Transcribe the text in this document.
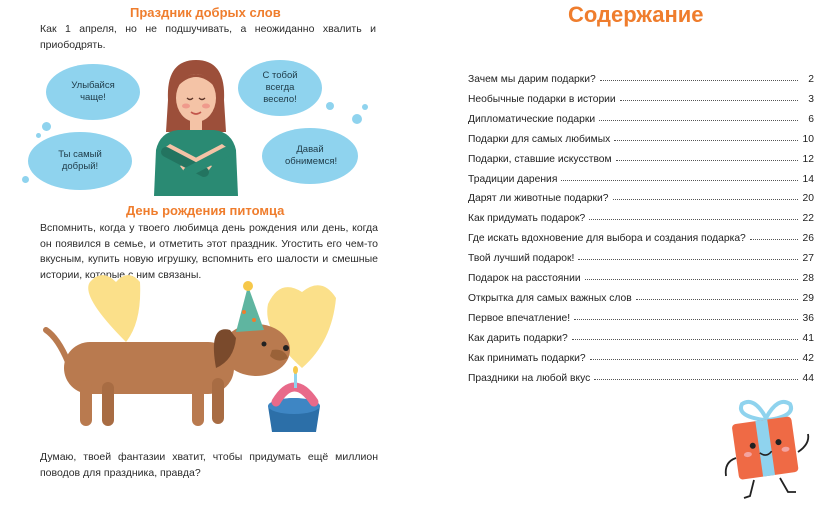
Праздник добрых слов
Как 1 апреля, но не подшучивать, а неожиданно хвалить и приободрять.
Улыбайся чаще!
С тобой всегда весело!
Ты самый добрый!
Давай обнимемся!
День рождения питомца
Вспомнить, когда у твоего любимца день рождения или день, когда он появился в семье, и отметить этот праздник. Угостить его чем-то вкусным, купить новую игрушку, вспомнить его шалости и смешные истории, которые с ним связаны.
Думаю, твоей фантазии хватит, чтобы придумать ещё миллион поводов для праздника, правда?
Содержание
Зачем мы дарим подарки?	2
Необычные подарки в истории	3
Дипломатические подарки	6
Подарки для самых любимых	10
Подарки, ставшие искусством	12
Традиции дарения	14
Дарят ли животные подарки?	20
Как придумать подарок?	22
Где искать вдохновение для выбора и создания подарка?	26
Твой лучший подарок!	27
Подарок на расстоянии	28
Открытка для самых важных слов	29
Первое впечатление!	36
Как дарить подарки?	41
Как принимать подарки?	42
Праздники на любой вкус	44
